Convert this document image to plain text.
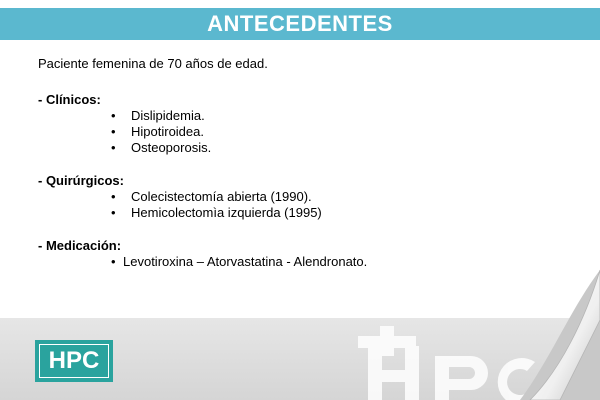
ANTECEDENTES

Paciente femenina de 70 años de edad.

- Clínicos:

• Dislipidemia.
• Hipotiroidea.
• Osteoporosis.

- Quirúrgicos:

• Colecistectomía abierta (1990).
• Hemicolectomìa izquierda (1995)

- Medicación:

• Levotiroxina – Atorvastatina - Alendronato.
HPC
